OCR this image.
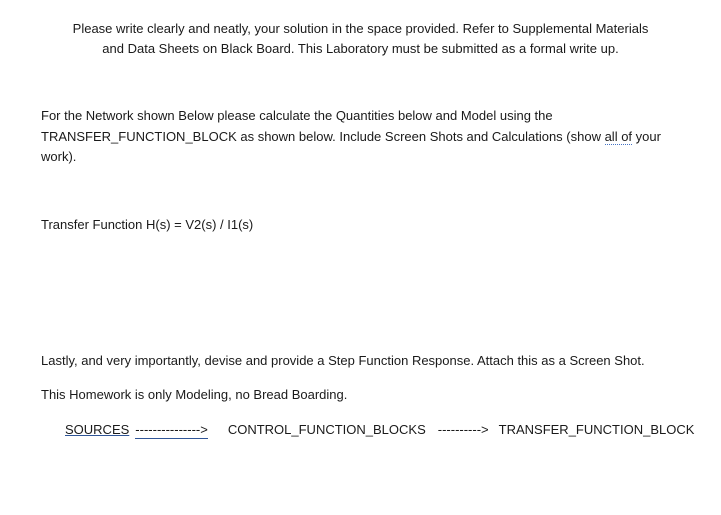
Please write clearly and neatly, your solution in the space provided. Refer to Supplemental Materials
and Data Sheets on Black Board. This Laboratory must be submitted as a formal write up.
For the Network shown Below please calculate the Quantities below and Model using the
TRANSFER_FUNCTION_BLOCK as shown below. Include Screen Shots and Calculations (show all of your
work).
Transfer Function H(s) = V2(s) / I1(s)
Lastly, and very importantly, devise and provide a Step Function Response. Attach this as a Screen Shot.
This Homework is only Modeling, no Bread Boarding.
SOURCES ---------------> CONTROL_FUNCTION_BLOCKS ----------> TRANSFER_FUNCTION_BLOCK
